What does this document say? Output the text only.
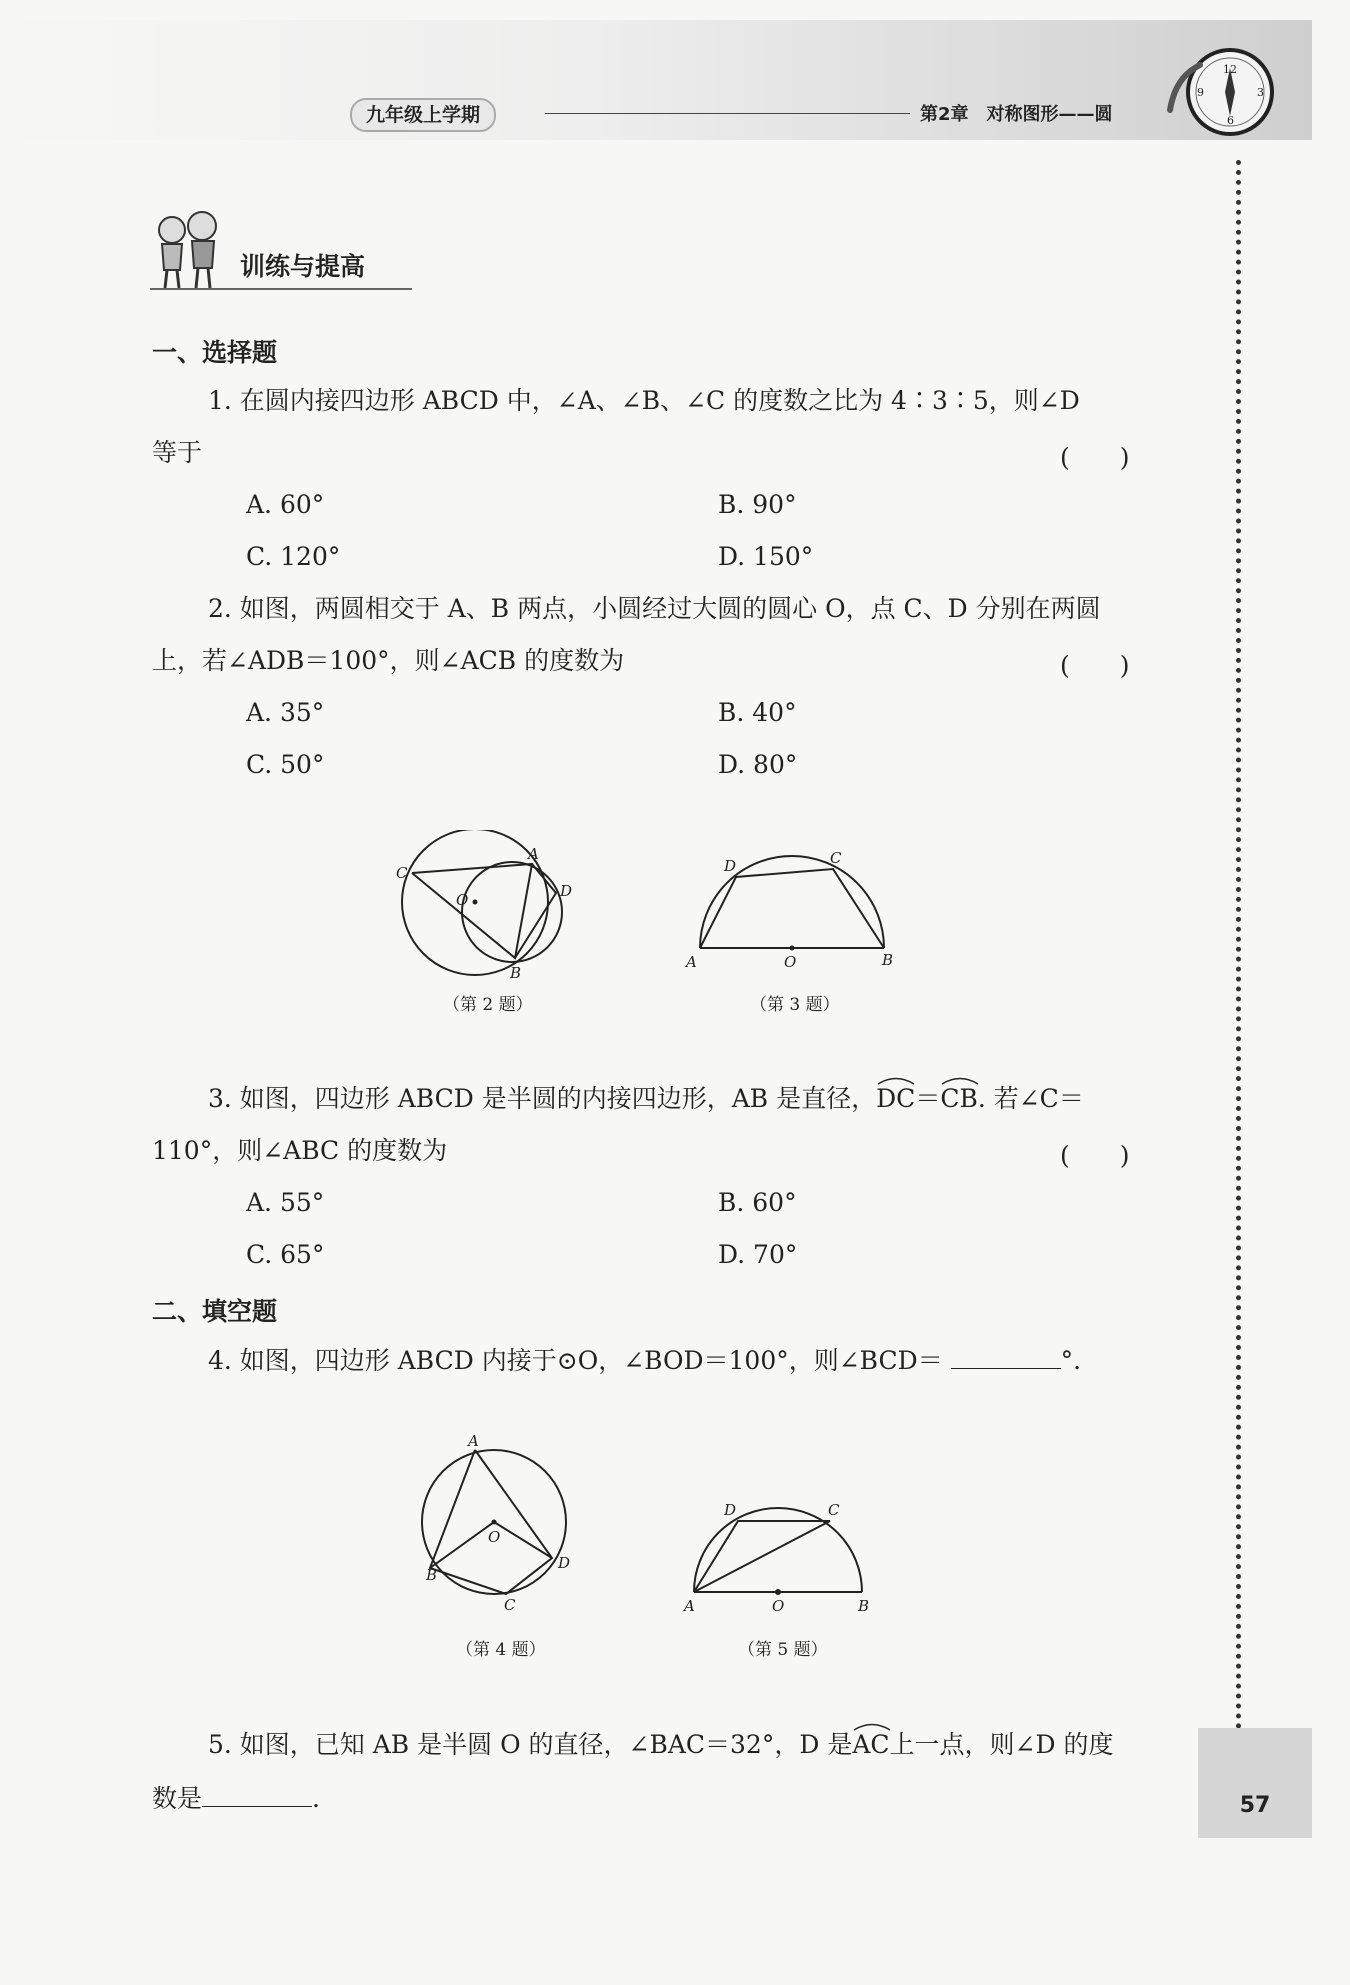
九年级上学期	第2章　对称图形——圆
12
3
6
9
57
训练与提高
一、选择题
1. 在圆内接四边形 ABCD 中，∠A、∠B、∠C 的度数之比为 4∶3∶5，则∠D
等于	(　　)
A. 60°	B. 90°
C. 120°	D. 150°
2. 如图，两圆相交于 A、B 两点，小圆经过大圆的圆心 O，点 C、D 分别在两圆
上，若∠ADB＝100°，则∠ACB 的度数为	(　　)
A. 35°	B. 40°
C. 50°	D. 80°
C
A
O	D
B
（第 2 题）
D	C
A	O	B
（第 3 题）
3. 如图，四边形 ABCD 是半圆的内接四边形，AB 是直径，
DC＝
CB. 若∠C＝
110°，则∠ABC 的度数为	(　　)
A. 55°	B. 60°
C. 65°	D. 70°
二、填空题
4. 如图，四边形 ABCD 内接于⊙O，∠BOD＝100°，则∠BCD＝	°.
A
O
B
D
C
（第 4 题）
D	C
A	O	B
（第 5 题）
5. 如图，已知 AB 是半圆 O 的直径，∠BAC＝32°，D 是
AC上一点，则∠D 的度
数是	.
